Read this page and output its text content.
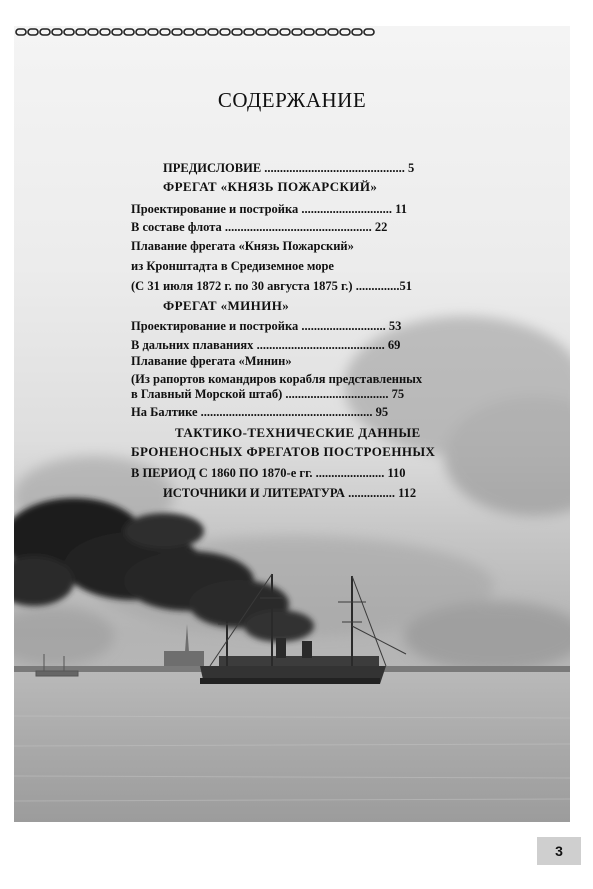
СОДЕРЖАНИЕ
ПРЕДИСЛОВИЕ ............................................. 5
ФРЕГАТ «КНЯЗЬ ПОЖАРСКИЙ»
Проектирование и постройка ............................. 11
В составе флота ............................................... 22
Плавание фрегата «Князь Пожарский»
из Кронштадта в Средиземное море
(С 31 июля 1872 г. по 30 августа 1875 г.) ..............51
ФРЕГАТ «МИНИН»
Проектирование и постройка ........................... 53
В дальних плаваниях ......................................... 69
Плавание фрегата «Минин»
(Из рапортов командиров корабля представленных
в Главный Морской штаб) ................................. 75
На Балтике ....................................................... 95
ТАКТИКО-ТЕХНИЧЕСКИЕ ДАННЫЕ
БРОНЕНОСНЫХ ФРЕГАТОВ ПОСТРОЕННЫХ
В ПЕРИОД С 1860 ПО 1870-е гг. ...................... 110
ИСТОЧНИКИ И ЛИТЕРАТУРА ............... 112
3
